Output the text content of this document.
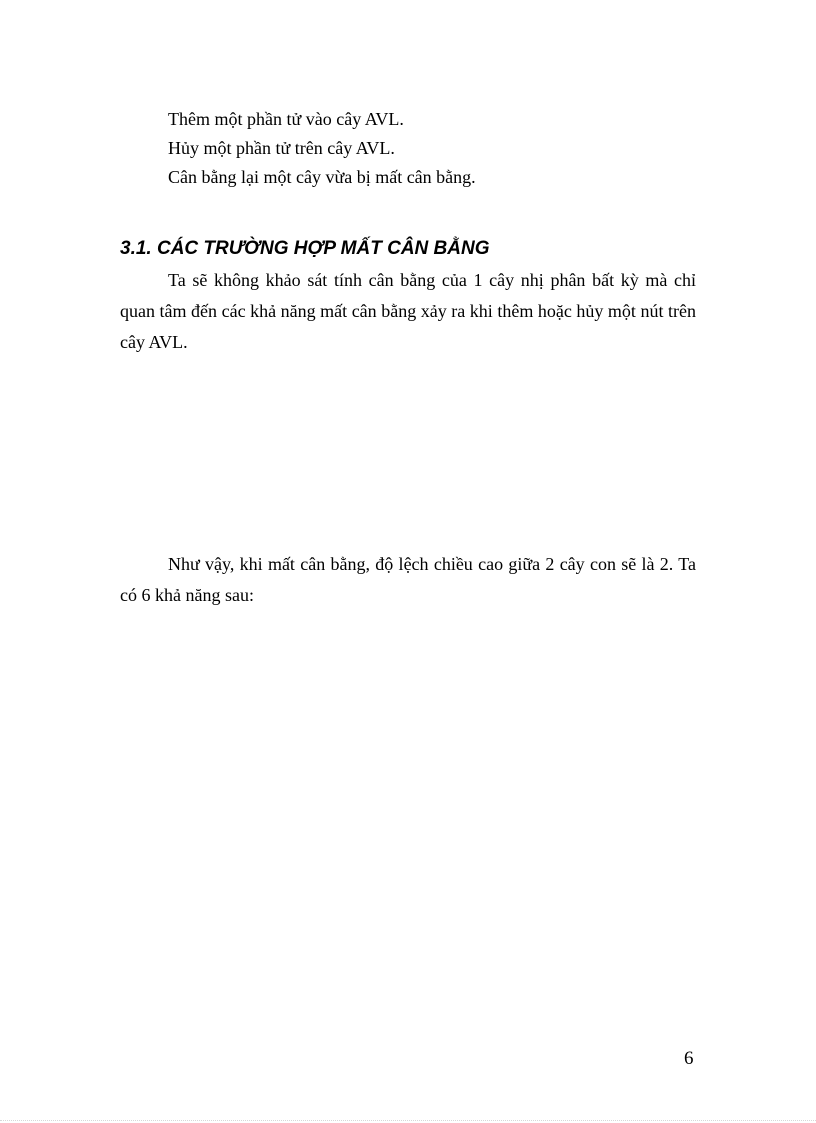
Thêm một phần tử vào cây AVL.
Hủy một phần tử trên cây AVL.
Cân bằng lại một cây vừa bị mất cân bằng.
3.1. CÁC TRƯỜNG HỢP MẤT CÂN BẰNG

Ta sẽ không khảo sát tính cân bằng của 1 cây nhị phân bất kỳ mà chỉ quan tâm đến các khả năng mất cân bằng xảy ra khi thêm hoặc hủy một nút trên cây AVL.

Như vậy, khi mất cân bằng, độ lệch chiều cao giữa 2 cây con sẽ là 2. Ta có 6 khả năng sau:

6
